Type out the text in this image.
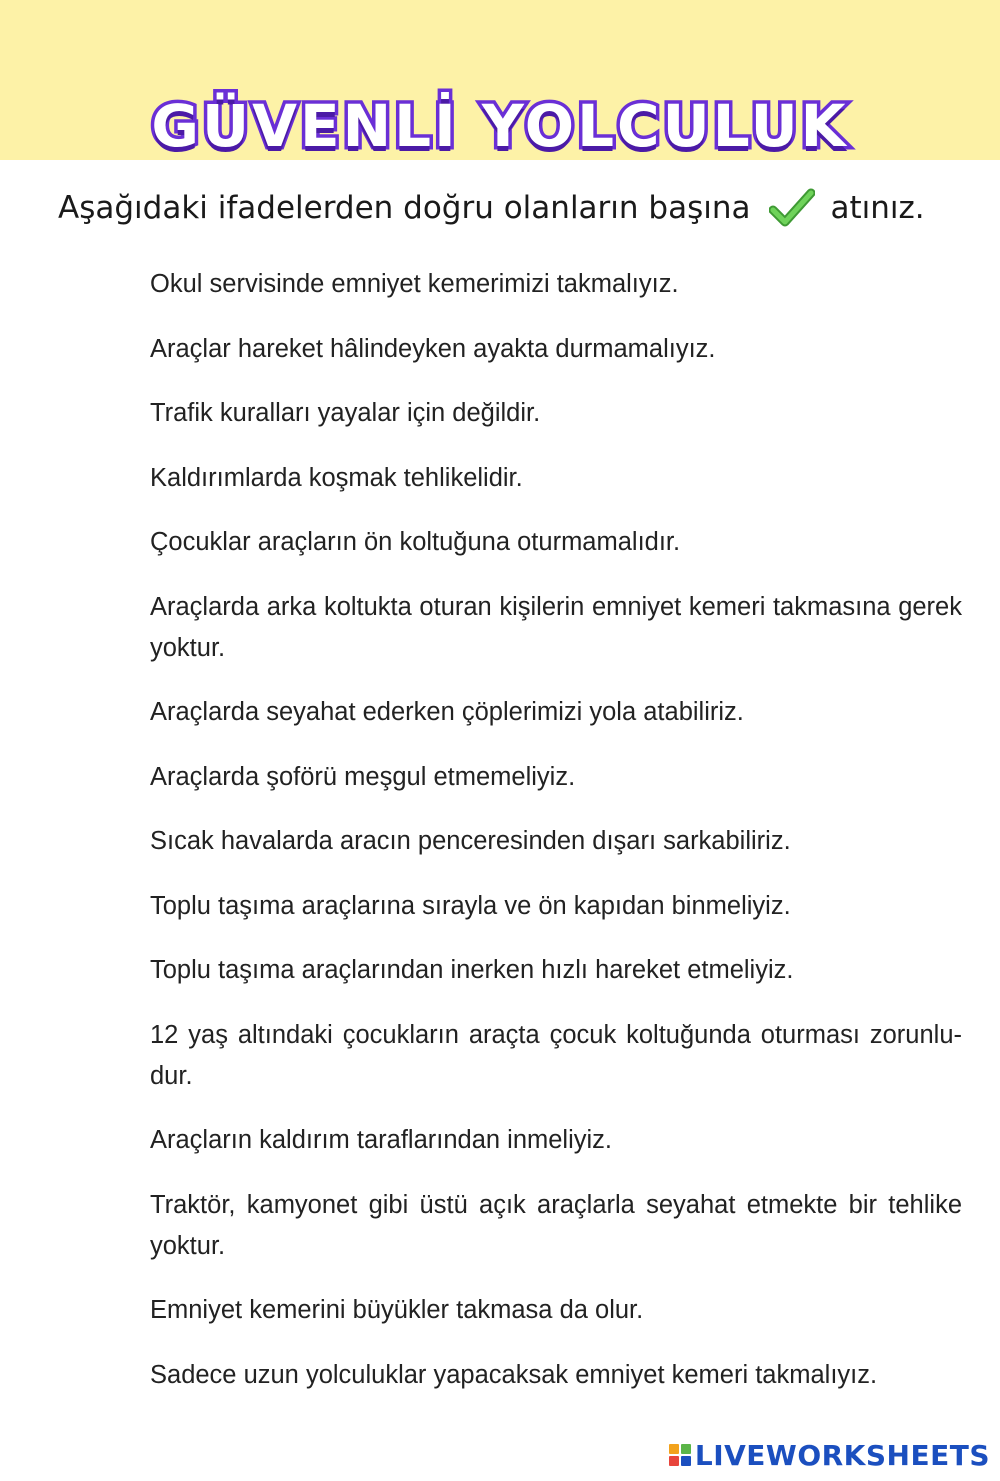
GÜVENLİ YOLCULUK
Aşağıdaki ifadelerden doğru olanların başına	atınız.
Okul servisinde emniyet kemerimizi takmalıyız.
Araçlar hareket hâlindeyken ayakta durmamalıyız.
Trafik kuralları yayalar için değildir.
Kaldırımlarda koşmak tehlikelidir.
Çocuklar araçların ön koltuğuna oturmamalıdır.
Araçlarda arka koltukta oturan kişilerin emniyet kemeri takmasına gerek yoktur.
Araçlarda seyahat ederken çöplerimizi yola atabiliriz.
Araçlarda şoförü meşgul etmemeliyiz.
Sıcak havalarda aracın penceresinden dışarı sarkabiliriz.
Toplu taşıma araçlarına sırayla ve ön kapıdan binmeliyiz.
Toplu taşıma araçlarından inerken hızlı hareket etmeliyiz.
12 yaş altındaki çocukların araçta çocuk koltuğunda oturması zorunlu-dur.
Araçların kaldırım taraflarından inmeliyiz.
Traktör, kamyonet gibi üstü açık araçlarla seyahat etmekte bir tehlike yoktur.
Emniyet kemerini büyükler takmasa da olur.
Sadece uzun yolculuklar yapacaksak emniyet kemeri takmalıyız.
LIVEWORKSHEETS
